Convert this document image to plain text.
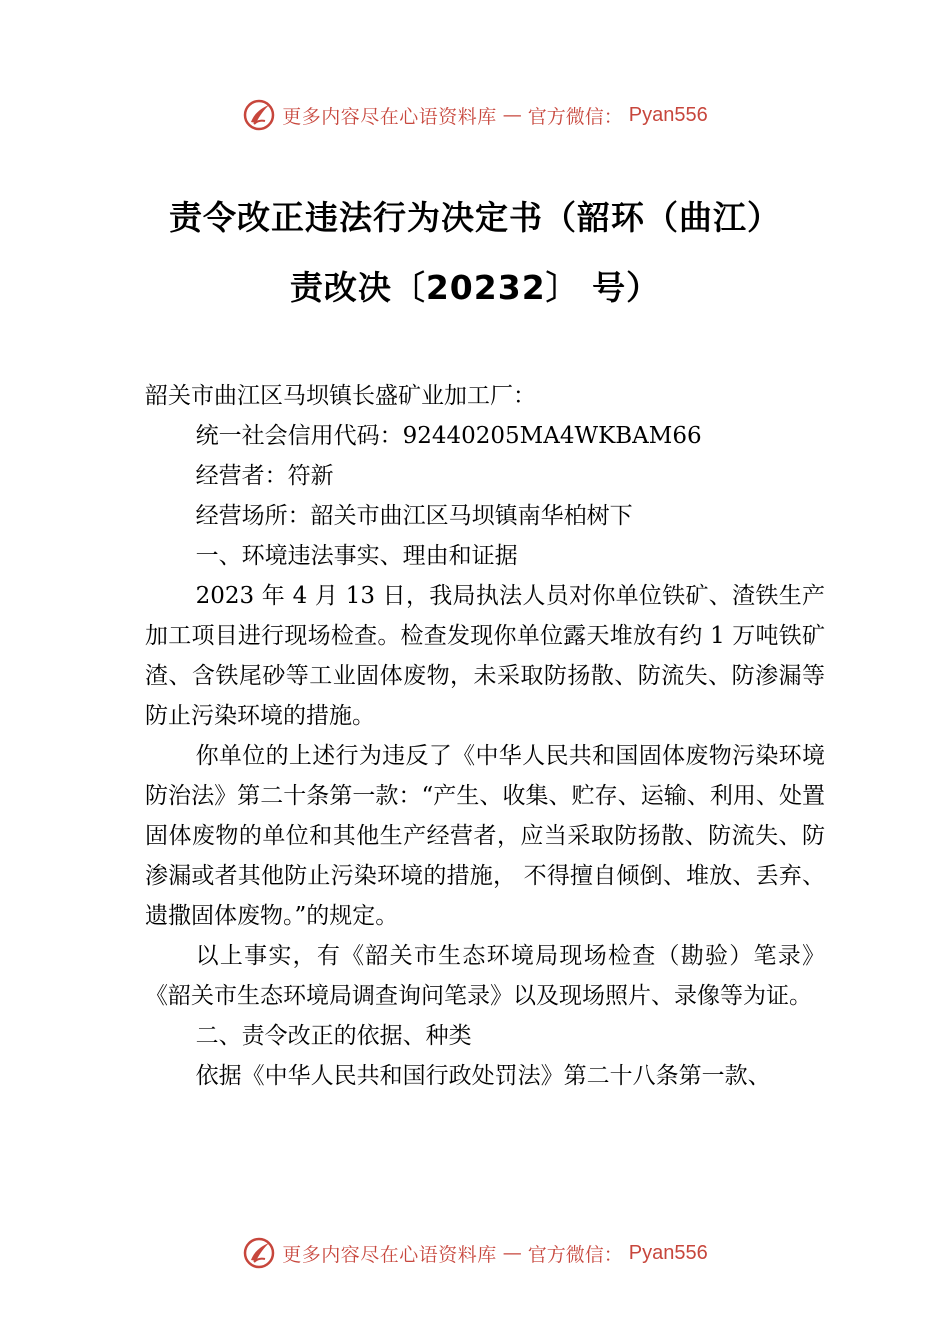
更多内容尽在心语资料库 — 官方微信： Pyan556
责令改正违法行为决定书（韶环（曲江）
责改决〔20232〕 号）

韶关市曲江区马坝镇长盛矿业加工厂：

统一社会信用代码：92440205MA4WKBAM66

经营者：符新

经营场所：韶关市曲江区马坝镇南华柏树下

一、环境违法事实、理由和证据

2023 年 4 月 13 日，我局执法人员对你单位铁矿、渣铁生产加工项目进行现场检查。检查发现你单位露天堆放有约 1 万吨铁矿渣、含铁尾砂等工业固体废物，未采取防扬散、防流失、防渗漏等防止污染环境的措施。

你单位的上述行为违反了《中华人民共和国固体废物污染环境防治法》第二十条第一款：“产生、收集、贮存、运输、利用、处置固体废物的单位和其他生产经营者，应当采取防扬散、防流失、防渗漏或者其他防止污染环境的措施， 不得擅自倾倒、堆放、丢弃、遗撒固体废物。”的规定。

以上事实，有《韶关市生态环境局现场检查（勘验）笔录》《韶关市生态环境局调查询问笔录》以及现场照片、录像等为证。

二、责令改正的依据、种类

依据《中华人民共和国行政处罚法》第二十八条第一款、

更多内容尽在心语资料库 — 官方微信： Pyan556
